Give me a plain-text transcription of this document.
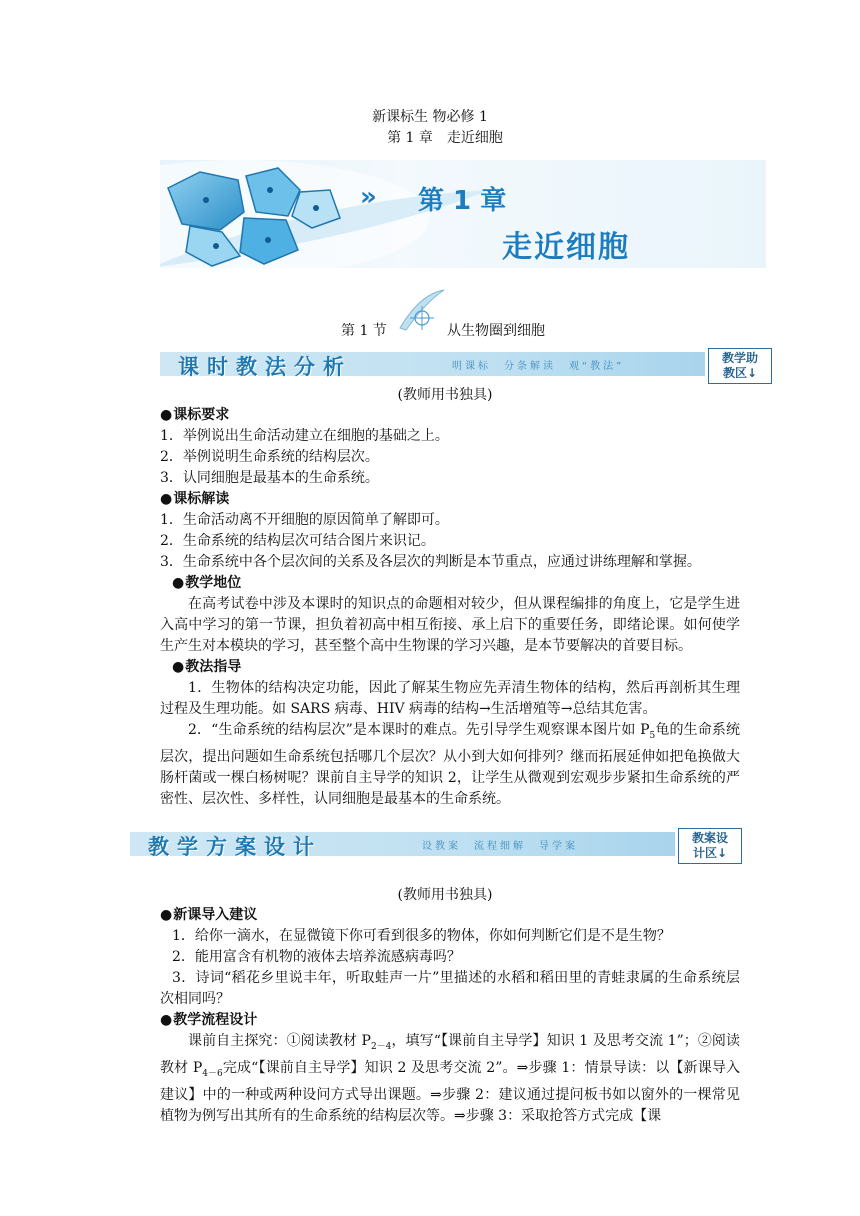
新课标生 物必修 1
第 1 章　走近细胞
» 第 1 章
走近细胞
第 1 节	从生物圈到细胞
课时教法分析	明课标　分条解读　观“教法”
教学助
教区↓
(教师用书独具)
● 课标要求
1．举例说出生命活动建立在细胞的基础之上。
2．举例说明生命系统的结构层次。
3．认同细胞是最基本的生命系统。
● 课标解读
1．生命活动离不开细胞的原因简单了解即可。
2．生命系统的结构层次可结合图片来识记。
3．生命系统中各个层次间的关系及各层次的判断是本节重点，应通过讲练理解和掌握。
● 教学地位
在高考试卷中涉及本课时的知识点的命题相对较少，但从课程编排的角度上，它是学生进入高中学习的第一节课，担负着初高中相互衔接、承上启下的重要任务，即绪论课。如何使学生产生对本模块的学习，甚至整个高中生物课的学习兴趣，是本节要解决的首要目标。
● 教法指导
1．生物体的结构决定功能，因此了解某生物应先弄清生物体的结构，然后再剖析其生理过程及生理功能。如 SARS 病毒、HIV 病毒的结构→生活增殖等→总结其危害。
2．“生命系统的结构层次”是本课时的难点。先引导学生观察课本图片如 $P_5$龟的生命系统层次，提出问题如生命系统包括哪几个层次？从小到大如何排列？继而拓展延伸如把龟换做大肠杆菌或一棵白杨树呢？课前自主导学的知识 2，让学生从微观到宏观步步紧扣生命系统的严密性、层次性、多样性，认同细胞是最基本的生命系统。
教学方案设计	设教案　流程细解　导学案
教案设
计区↓
(教师用书独具)
● 新课导入建议
1．给你一滴水，在显微镜下你可看到很多的物体，你如何判断它们是不是生物？
2．能用富含有机物的液体去培养流感病毒吗？
3．诗词“稻花乡里说丰年，听取蛙声一片”里描述的水稻和稻田里的青蛙隶属的生命系统层次相同吗？
● 教学流程设计
课前自主探究：①阅读教材 $P_{2-4}$，填写“【课前自主导学】知识 1 及思考交流 1”；②阅读教材 $P_{4-6}$完成“【课前自主导学】知识 2 及思考交流 2”。⇒步骤 1：情景导读：以【新课导入建议】中的一种或两种设问方式导出课题。⇒步骤 2：建议通过提问板书如以窗外的一棵常见植物为例写出其所有的生命系统的结构层次等。⇒步骤 3：采取抢答方式完成【课
